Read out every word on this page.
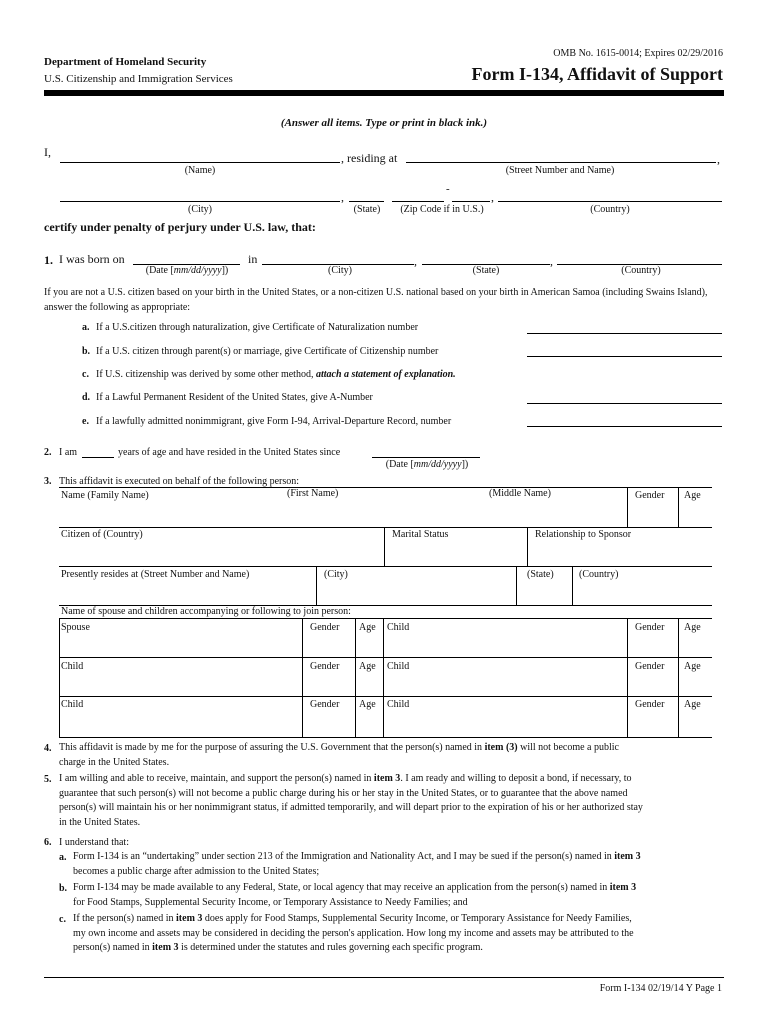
Department of Homeland Security
U.S. Citizenship and Immigration Services
OMB No. 1615-0014; Expires 02/29/2016
Form I-134, Affidavit of Support
(Answer all items. Type or print in black ink.)
I,	, residing at	,
(Name)	(Street Number and Name)
,
-
,
(City)	(State)	(Zip Code if in U.S.)	(Country)
certify under penalty of perjury under U.S. law, that:
1. I was born on	in	,	,
(Date [mm/dd/yyyy])	(City)	(State)	(Country)
If you are not a U.S. citizen based on your birth in the United States, or a non-citizen U.S. national based on your birth in American Samoa (including Swains Island), answer the following as appropriate:
a. If a U.S.citizen through naturalization, give Certificate of Naturalization number
b. If a U.S. citizen through parent(s) or marriage, give Certificate of Citizenship number
c. If U.S. citizenship was derived by some other method, attach a statement of explanation.
d. If a Lawful Permanent Resident of the United States, give A-Number
e. If a lawfully admitted nonimmigrant, give Form I-94, Arrival-Departure Record, number
2. I am	years of age and have resided in the United States since
(Date [mm/dd/yyyy])
3. This affidavit is executed on behalf of the following person:
Name (Family Name)	(First Name)	(Middle Name)	Gender Age
Citizen of (Country)	Marital Status	Relationship to Sponsor
Presently resides at (Street Number and Name)	(City)	(State)	(Country)
Name of spouse and children accompanying or following to join person:
Spouse	Gender Age Child	Gender Age
Child	Gender Age Child	Gender Age
Child	Gender Age Child	Gender Age
4. This affidavit is made by me for the purpose of assuring the U.S. Government that the person(s) named in item (3) will not become a public
charge in the United States.
5. I am willing and able to receive, maintain, and support the person(s) named in item 3. I am ready and willing to deposit a bond, if necessary, to
guarantee that such person(s) will not become a public charge during his or her stay in the United States, or to guarantee that the above named
person(s) will maintain his or her nonimmigrant status, if admitted temporarily, and will depart prior to the expiration of his or her authorized stay
in the United States.
6. I understand that:
a. Form I-134 is an “undertaking” under section 213 of the Immigration and Nationality Act, and I may be sued if the person(s) named in item 3
becomes a public charge after admission to the United States;
b. Form I-134 may be made available to any Federal, State, or local agency that may receive an application from the person(s) named in item 3
for Food Stamps, Supplemental Security Income, or Temporary Assistance to Needy Families; and
c. If the person(s) named in item 3 does apply for Food Stamps, Supplemental Security Income, or Temporary Assistance for Needy Families,
my own income and assets may be considered in deciding the person's application. How long my income and assets may be attributed to the
person(s) named in item 3 is determined under the statutes and rules governing each specific program.
Form I-134 02/19/14 Y Page 1
